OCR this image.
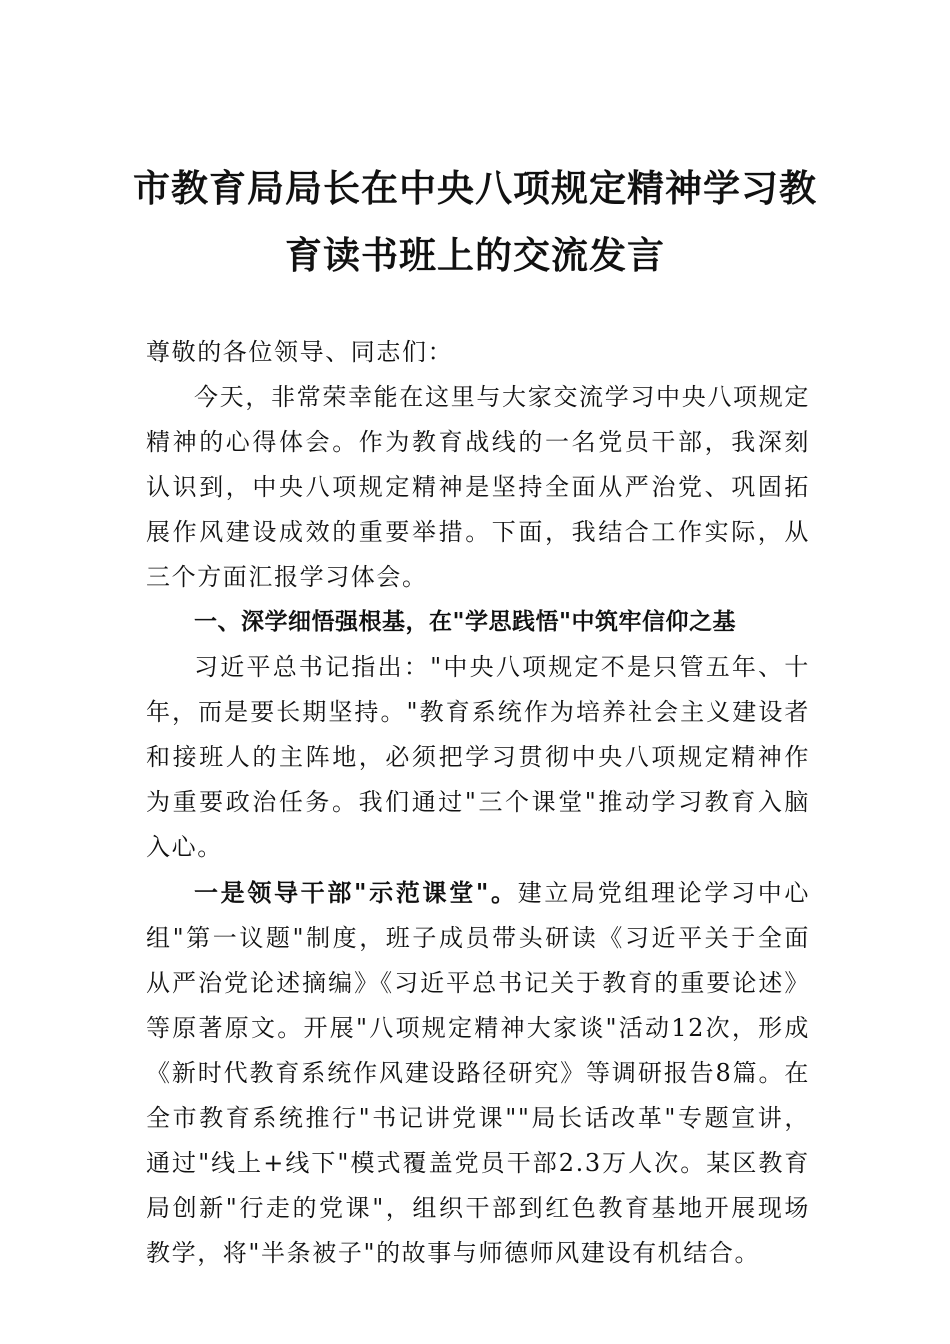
市教育局局长在中央八项规定精神学习教
育读书班上的交流发言

尊敬的各位领导、同志们：

今天，非常荣幸能在这里与大家交流学习中央八项规定精神的心得体会。作为教育战线的一名党员干部，我深刻认识到，中央八项规定精神是坚持全面从严治党、巩固拓展作风建设成效的重要举措。下面，我结合工作实际，从三个方面汇报学习体会。

一、深学细悟强根基，在"学思践悟"中筑牢信仰之基

习近平总书记指出："中央八项规定不是只管五年、十年，而是要长期坚持。"教育系统作为培养社会主义建设者和接班人的主阵地，必须把学习贯彻中央八项规定精神作为重要政治任务。我们通过"三个课堂"推动学习教育入脑入心。

一是领导干部"示范课堂"。建立局党组理论学习中心组"第一议题"制度，班子成员带头研读《习近平关于全面从严治党论述摘编》《习近平总书记关于教育的重要论述》等原著原文。开展"八项规定精神大家谈"活动12次，形成《新时代教育系统作风建设路径研究》等调研报告8篇。在全市教育系统推行"书记讲党课""局长话改革"专题宣讲，通过"线上+线下"模式覆盖党员干部2.3万人次。某区教育局创新"行走的党课"，组织干部到红色教育基地开展现场教学，将"半条被子"的故事与师德师风建设有机结合。
